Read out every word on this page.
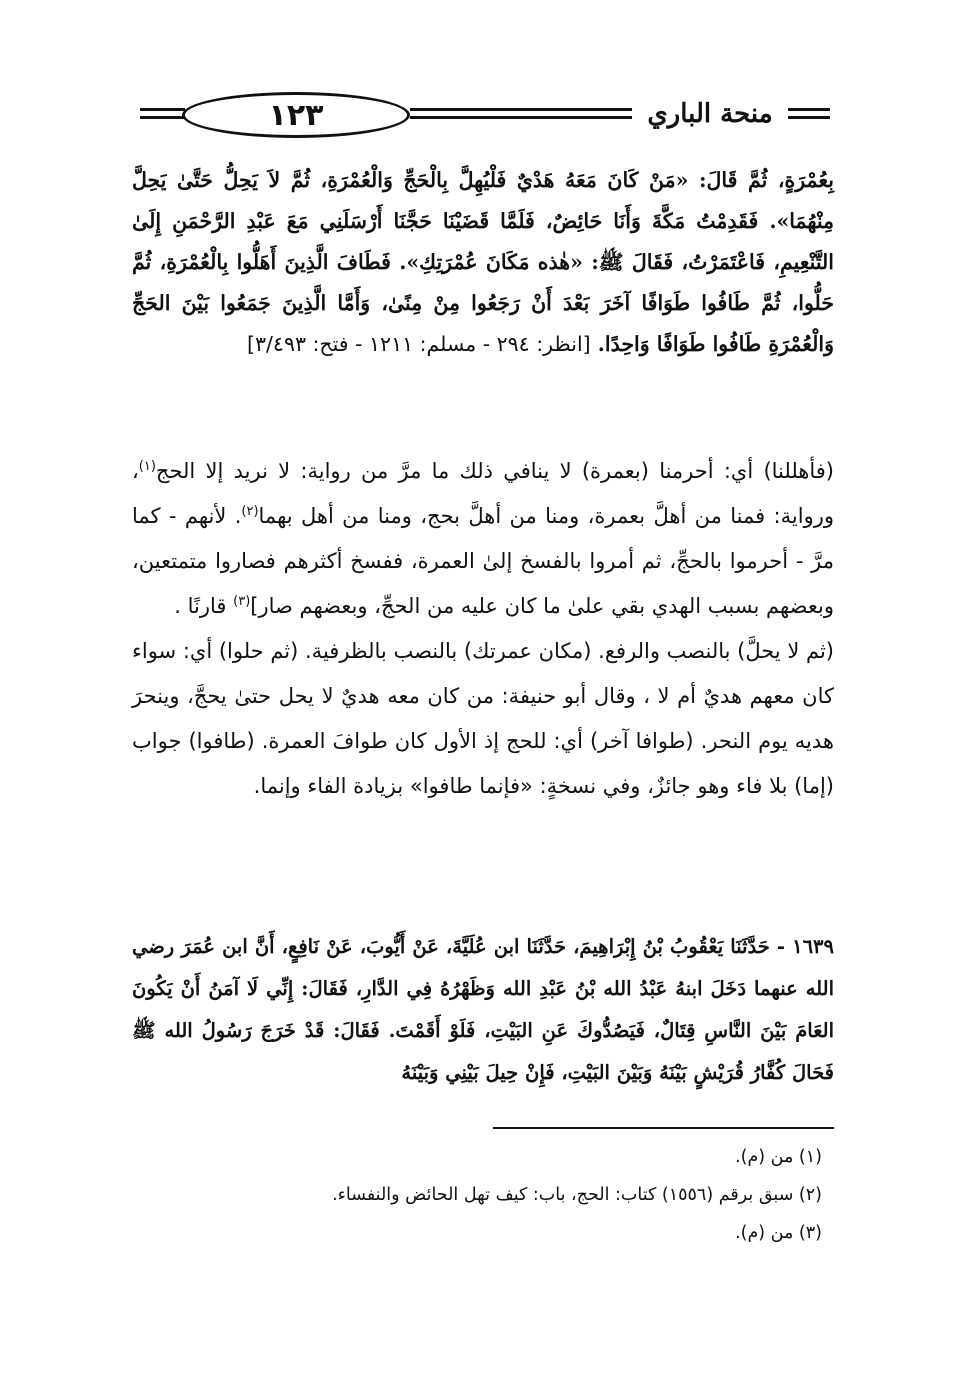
١٢٣	منحة الباري
بِعُمْرَةٍ، ثُمَّ قَالَ: «مَنْ كَانَ مَعَهُ هَدْيٌ فَلْيُهِلَّ بِالْحَجِّ وَالْعُمْرَةِ، ثُمَّ لاَ يَحِلُّ حَتَّىٰ يَحِلَّ مِنْهُمَا». فَقَدِمْتُ مَكَّةَ وَأَنَا حَائِضٌ، فَلَمَّا قَضَيْنَا حَجَّنَا أَرْسَلَنِي مَعَ عَبْدِ الرَّحْمَنِ إِلَىٰ التَّنْعِيمِ، فَاعْتَمَرْتُ، فَقَالَ ﷺ: «هٰذه مَكَانَ عُمْرَتِكِ». فَطَافَ الَّذِينَ أَهَلُّوا بِالْعُمْرَةِ، ثُمَّ حَلُّوا، ثُمَّ طَافُوا طَوَافًا آخَرَ بَعْدَ أَنْ رَجَعُوا مِنْ مِنًىٰ، وَأَمَّا الَّذِينَ جَمَعُوا بَيْنَ الحَجِّ وَالْعُمْرَةِ طَافُوا طَوَافًا وَاحِدًا. [انظر: ٢٩٤ - مسلم: ١٢١١ - فتح: ٣/٤٩٣]

(فأهللنا) أي: أحرمنا (بعمرة) لا ينافي ذلك ما مرَّ من رواية: لا نريد إلا الحج$^{(١)}$، ورواية: فمنا من أهلَّ بعمرة، ومنا من أهلَّ بحج، ومنا من أهل بهما$^{(٢)}$. لأنهم - كما مرَّ - أحرموا بالحجِّ، ثم أمروا بالفسخ إلىٰ العمرة، ففسخ أكثرهم فصاروا متمتعين، وبعضهم بسبب الهدي بقي علىٰ ما كان عليه من الحجِّ، وبعضهم صار]$^{(٣)}$ قارنًا .

(ثم لا يحلَّ) بالنصب والرفع. (مكان عمرتك) بالنصب بالظرفية. (ثم حلوا) أي: سواء كان معهم هديٌ أم لا ، وقال أبو حنيفة: من كان معه هديٌ لا يحل حتىٰ يحجَّ، وينحرَ هديه يوم النحر. (طوافا آخر) أي: للحج إذ الأول كان طوافَ العمرة. (طافوا) جواب (إما) بلا فاء وهو جائزٌ، وفي نسخةٍ: «فإنما طافوا» بزيادة الفاء وإنما.

١٦٣٩ - حَدَّثَنَا يَعْقُوبُ بْنُ إِبْرَاهِيمَ، حَدَّثَنَا ابن عُلَيَّةَ، عَنْ أَيُّوبَ، عَنْ نَافِعٍ، أَنَّ ابن عُمَرَ رضي الله عنهما دَخَلَ ابنهُ عَبْدُ الله بْنُ عَبْدِ الله وَظَهْرُهُ فِي الدَّارِ، فَقَالَ: إِنِّي لَا آمَنُ أَنْ يَكُونَ العَامَ بَيْنَ النَّاسِ قِتَالٌ، فَيَصُدُّوكَ عَنِ البَيْتِ، فَلَوْ أَقَمْتَ. فَقَالَ: قَدْ خَرَجَ رَسُولُ الله ﷺ فَحَالَ كُفَّارُ قُرَيْشٍ بَيْنَهُ وَبَيْنَ البَيْتِ، فَإِنْ حِيلَ بَيْنِي وَبَيْنَهُ
(١) من (م).
(٢) سبق برقم (١٥٥٦) كتاب: الحج، باب: كيف تهل الحائض والنفساء.
(٣) من (م).
